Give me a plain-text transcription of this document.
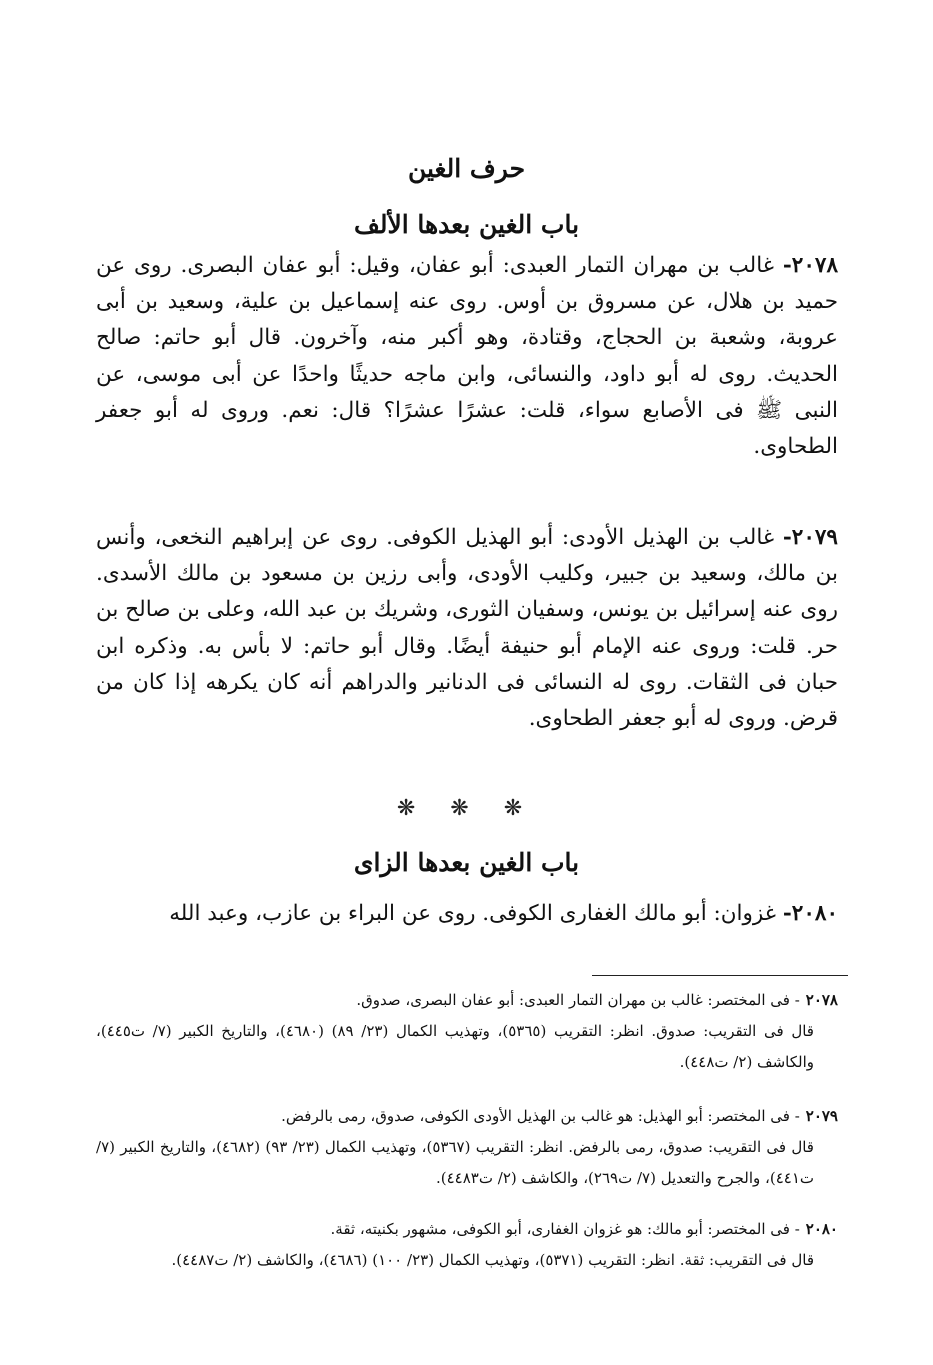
حرف الغين
باب الغين بعدها الألف

٢٠٧٨- غالب بن مهران التمار العبدى: أبو عفان، وقيل: أبو عفان البصرى. روى عن حميد بن هلال، عن مسروق بن أوس. روى عنه إسماعيل بن علية، وسعيد بن أبى عروبة، وشعبة بن الحجاج، وقتادة، وهو أكبر منه، وآخرون. قال أبو حاتم: صالح الحديث. روى له أبو داود، والنسائى، وابن ماجه حديثًا واحدًا عن أبى موسى، عن النبى ﷺ فى الأصابع سواء، قلت: عشرًا عشرًا؟ قال: نعم. وروى له أبو جعفر الطحاوى.

٢٠٧٩- غالب بن الهذيل الأودى: أبو الهذيل الكوفى. روى عن إبراهيم النخعى، وأنس بن مالك، وسعيد بن جبير، وكليب الأودى، وأبى رزين بن مسعود بن مالك الأسدى. روى عنه إسرائيل بن يونس، وسفيان الثورى، وشريك بن عبد الله، وعلى بن صالح بن حر. قلت: وروى عنه الإمام أبو حنيفة أيضًا. وقال أبو حاتم: لا بأس به. وذكره ابن حبان فى الثقات. روى له النسائى فى الدنانير والدراهم أنه كان يكرهه إذا كان من قرض. وروى له أبو جعفر الطحاوى.

❋ ❋ ❋
باب الغين بعدها الزاى

٢٠٨٠- غزوان: أبو مالك الغفارى الكوفى. روى عن البراء بن عازب، وعبد الله

٢٠٧٨- فى المختصر: غالب بن مهران التمار العبدى: أبو عفان البصرى، صدوق.
قال فى التقريب: صدوق. انظر: التقريب (٥٣٦٥)، وتهذيب الكمال (٢٣/ ٨٩) (٤٦٨٠)، والتاريخ الكبير (٧/ ت٤٤٥)، والكاشف (٢/ ت٤٤٨).
٢٠٧٩- فى المختصر: أبو الهذيل: هو غالب بن الهذيل الأودى الكوفى، صدوق، رمى بالرفض.
قال فى التقريب: صدوق، رمى بالرفض. انظر: التقريب (٥٣٦٧)، وتهذيب الكمال (٢٣/ ٩٣) (٤٦٨٢)، والتاريخ الكبير (٧/ ت٤٤١)، والجرح والتعديل (٧/ ت٢٦٩)، والكاشف (٢/ ت٤٤٨٣).
٢٠٨٠- فى المختصر: أبو مالك: هو غزوان الغفارى، أبو الكوفى، مشهور بكنيته، ثقة.
قال فى التقريب: ثقة. انظر: التقريب (٥٣٧١)، وتهذيب الكمال (٢٣/ ١٠٠) (٤٦٨٦)، والكاشف (٢/ ت٤٤٨٧).
